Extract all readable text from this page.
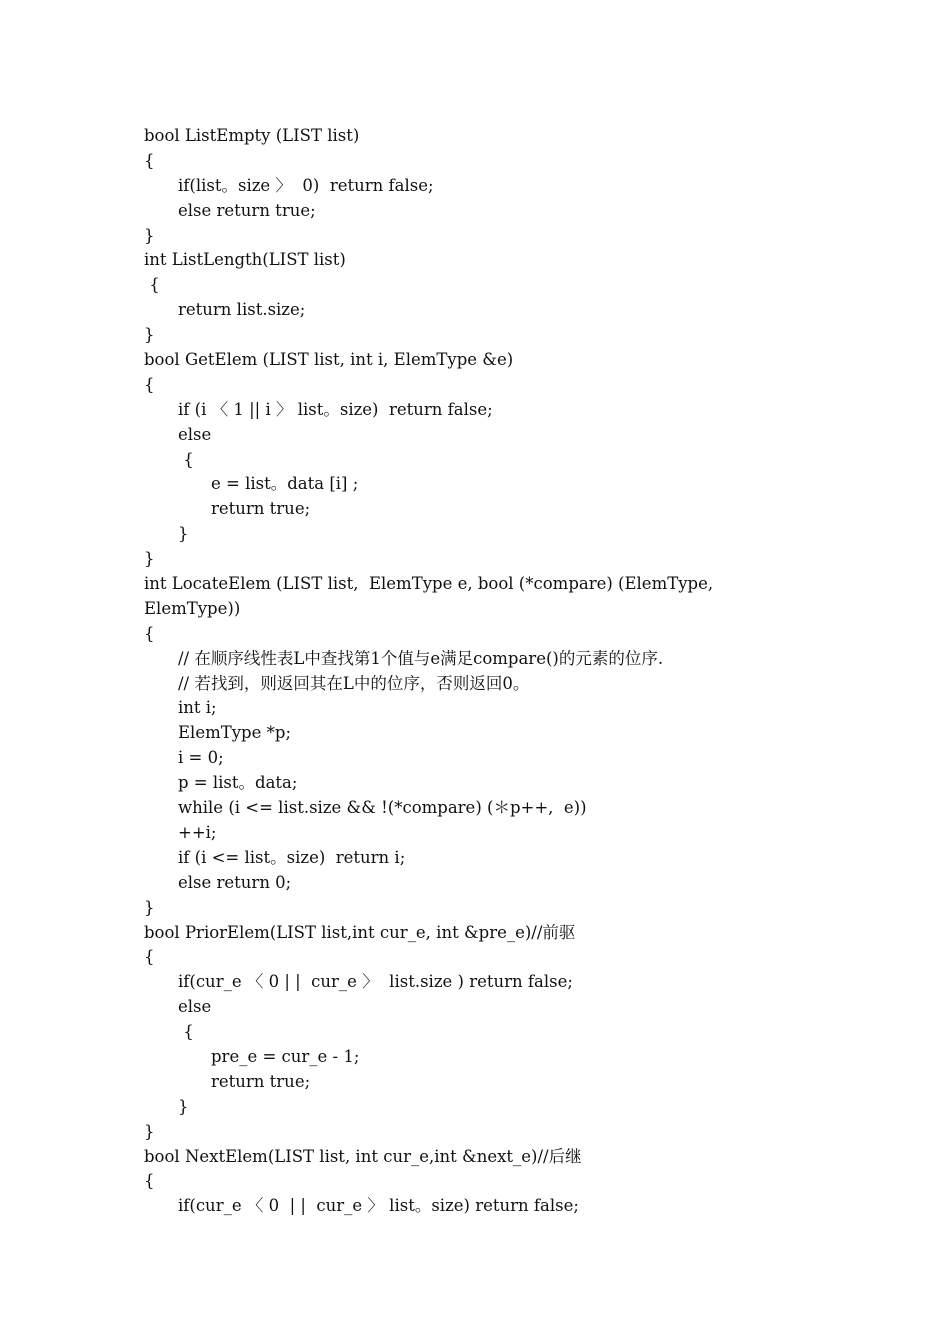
bool ListEmpty (LIST list)
{
if(list。size 〉  0)  return false;
else return true;
}
int ListLength(LIST list)
{
return list.size;
}
bool GetElem (LIST list, int i, ElemType &e)
{
if (i 〈 1 || i 〉 list。size)  return false;
else
{
e = list。data [i] ;
return true;
}
}
int LocateElem (LIST list,  ElemType e, bool (*compare) (ElemType,
ElemType))
{
// 在顺序线性表L中查找第1个值与e满足compare()的元素的位序.
// 若找到，则返回其在L中的位序，否则返回0。
int i;
ElemType *p;
i = 0;
p = list。data;
while (i <= list.size && !(*compare) (＊p++,  e))
++i;
if (i <= list。size)  return i;
else return 0;
}
bool PriorElem(LIST list,int cur_e, int &pre_e)//前驱
{
if(cur_e 〈 0 | |  cur_e 〉  list.size ) return false;
else
{
pre_e = cur_e - 1;
return true;
}
}
bool NextElem(LIST list, int cur_e,int &next_e)//后继
{
if(cur_e 〈 0  | |  cur_e 〉 list。size) return false;
